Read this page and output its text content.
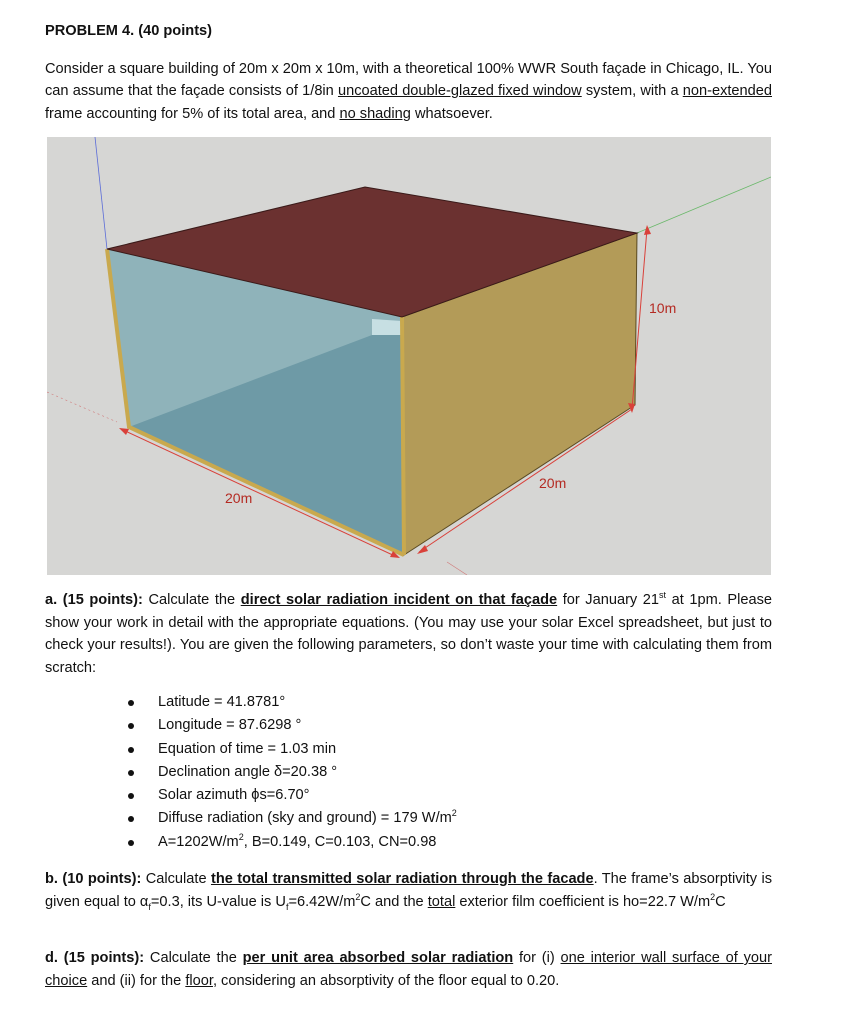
PROBLEM 4. (40 points)

Consider a square building of 20m x 20m x 10m, with a theoretical 100% WWR South façade in Chicago, IL. You can assume that the façade consists of 1/8in uncoated double-glazed fixed window system, with a non-extended frame accounting for 5% of its total area, and no shading whatsoever.

10m
20m
20m

a. (15 points): Calculate the direct solar radiation incident on that façade for January 21st at 1pm. Please show your work in detail with the appropriate equations. (You may use your solar Excel spreadsheet, but just to check your results!). You are given the following parameters, so don’t waste your time with calculating them from scratch:

Latitude = 41.8781°
Longitude = 87.6298 °
Equation of time = 1.03 min
Declination angle δ=20.38 °
Solar azimuth ϕs=6.70°
Diffuse radiation (sky and ground) = 179 $W/m^2$
$A=1202W/m^2$, B=0.149, C=0.103, CN=0.98

b. (10 points): Calculate the total transmitted solar radiation through the facade. The frame’s absorptivity is given equal to $\alpha_f=0.3$, its U-value is $U_f=6.42W/m^2C$ and the total exterior film coefficient is ho=22.7 $W/m^2C$

d. (15 points): Calculate the per unit area absorbed solar radiation for (i) one interior wall surface of your choice and (ii) for the floor, considering an absorptivity of the floor equal to 0.20.
